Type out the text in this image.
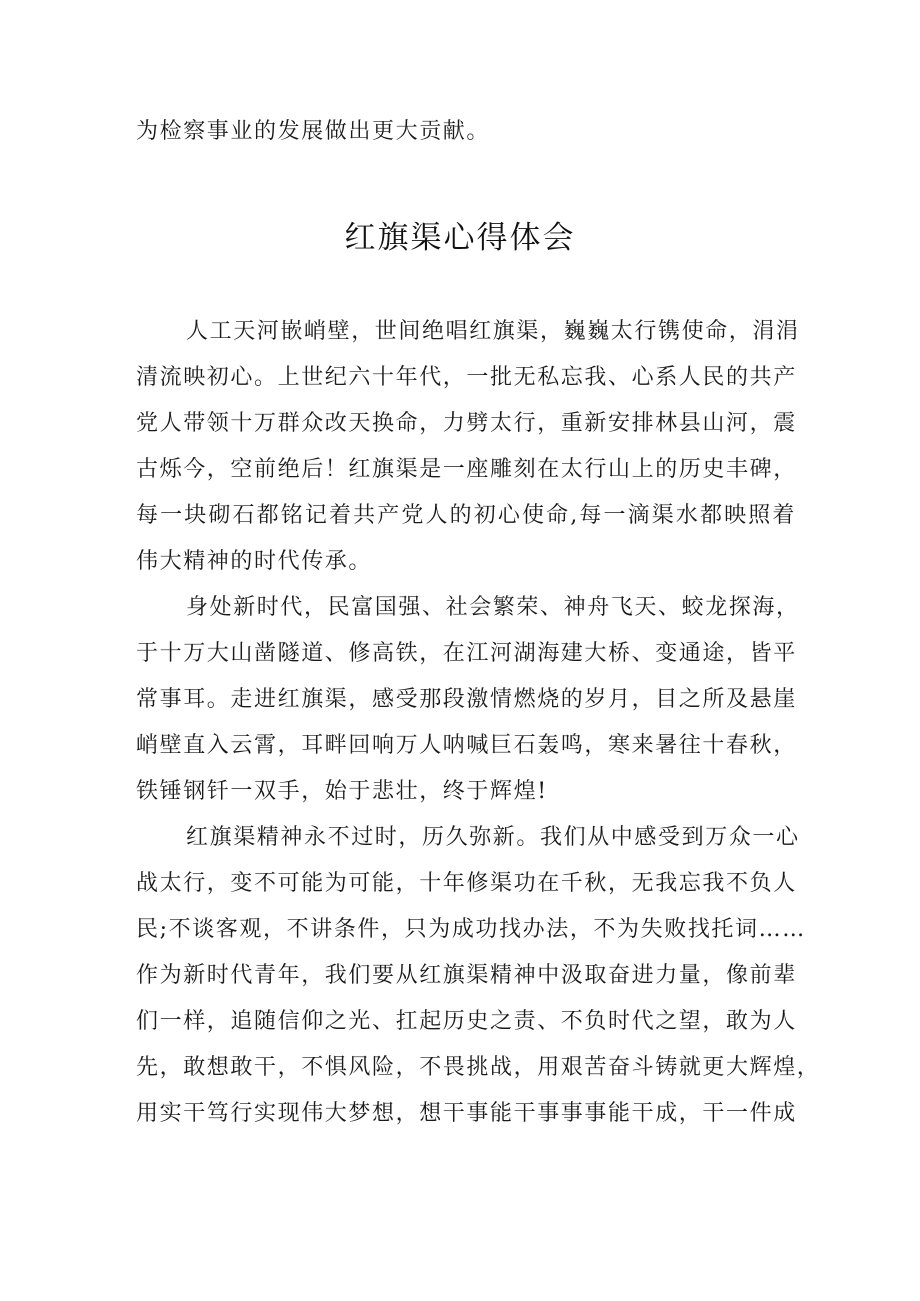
为检察事业的发展做出更大贡献。
红旗渠心得体会
人工天河嵌峭壁，世间绝唱红旗渠，巍巍太行镌使命，涓涓
清流映初心。上世纪六十年代，一批无私忘我、心系人民的共产
党人带领十万群众改天换命，力劈太行，重新安排林县山河，震
古烁今，空前绝后！红旗渠是一座雕刻在太行山上的历史丰碑，
每一块砌石都铭记着共产党人的初心使命,每一滴渠水都映照着
伟大精神的时代传承。
身处新时代，民富国强、社会繁荣、神舟飞天、蛟龙探海，
于十万大山凿隧道、修高铁，在江河湖海建大桥、变通途，皆平
常事耳。走进红旗渠，感受那段激情燃烧的岁月，目之所及悬崖
峭壁直入云霄，耳畔回响万人呐喊巨石轰鸣，寒来暑往十春秋，
铁锤钢钎一双手，始于悲壮，终于辉煌!
红旗渠精神永不过时，历久弥新。我们从中感受到万众一心
战太行，变不可能为可能，十年修渠功在千秋，无我忘我不负人
民;不谈客观，不讲条件，只为成功找办法，不为失败找托词……
作为新时代青年，我们要从红旗渠精神中汲取奋进力量，像前辈
们一样，追随信仰之光、扛起历史之责、不负时代之望，敢为人
先，敢想敢干，不惧风险，不畏挑战，用艰苦奋斗铸就更大辉煌，
用实干笃行实现伟大梦想，想干事能干事事事能干成，干一件成
